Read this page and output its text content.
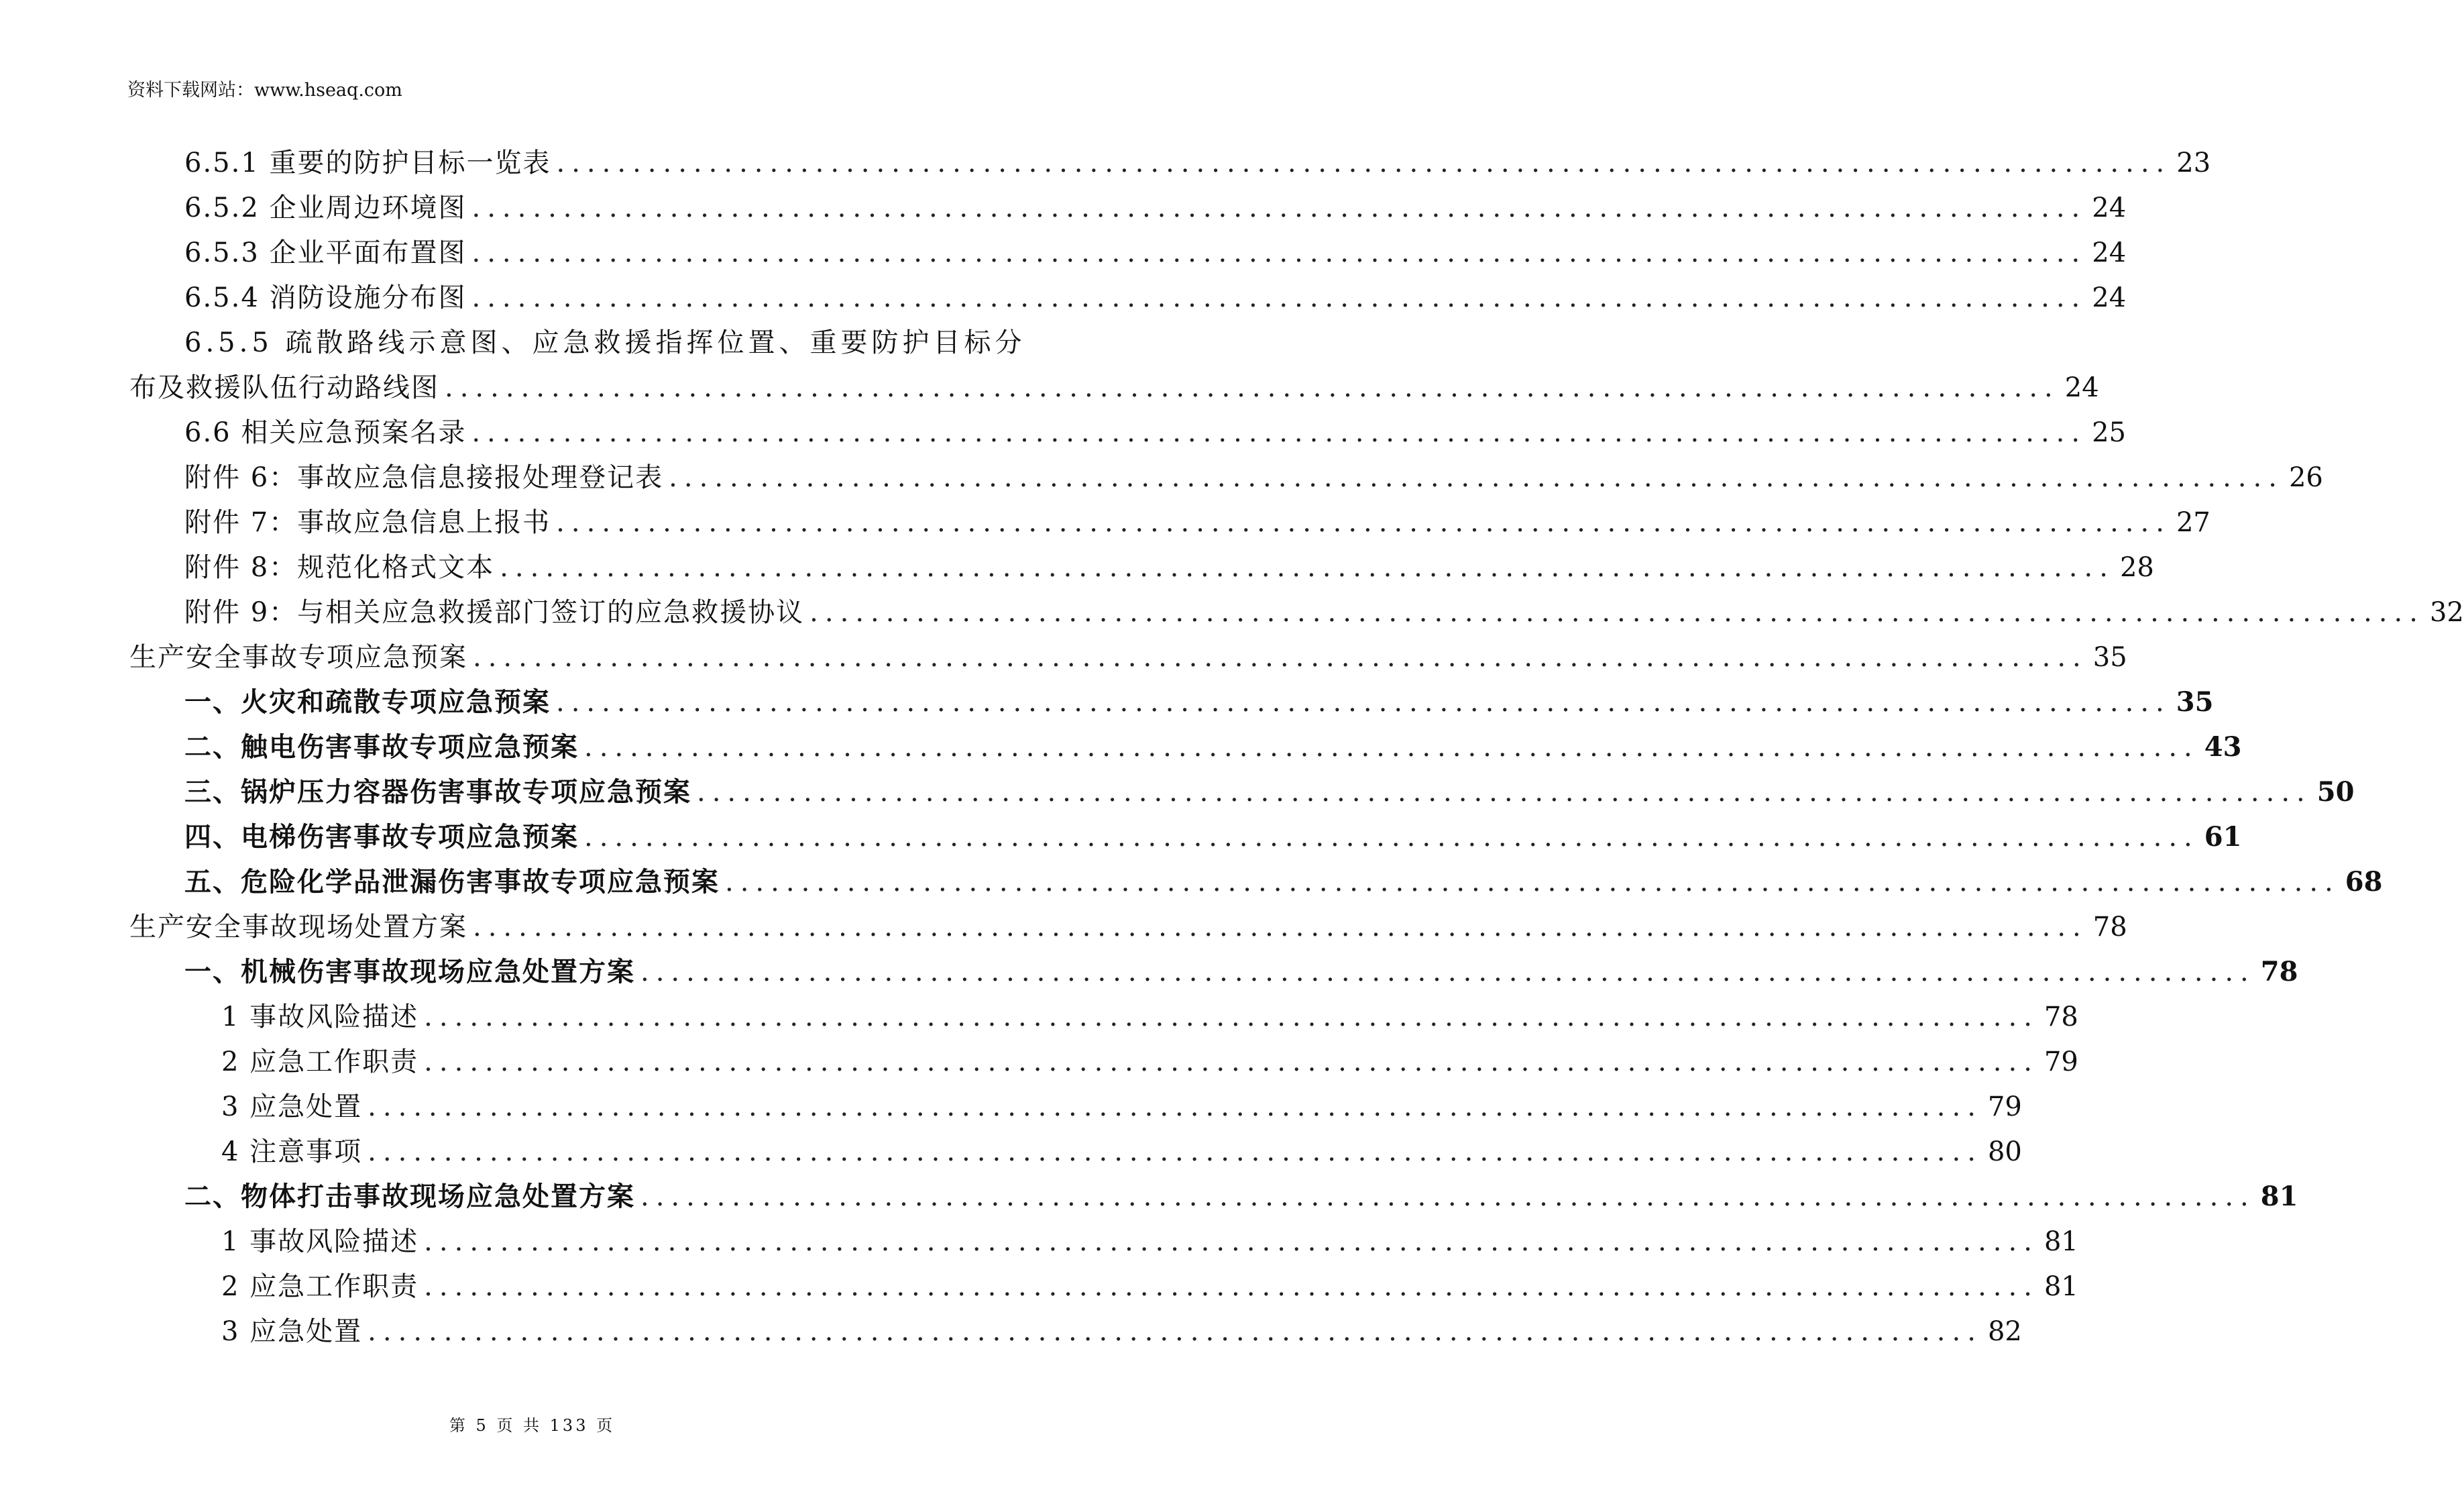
资料下载网站：www.hseaq.com
6.5.1 重要的防护目标一览表 .......................................................................................................... 23
6.5.2 企业周边环境图 .......................................................................................................... 24
6.5.3 企业平面布置图 .......................................................................................................... 24
6.5.4 消防设施分布图 .......................................................................................................... 24
6.5.5 疏散路线示意图、应急救援指挥位置、重要防护目标分
布及救援队伍行动路线图 .......................................................................................................... 24
6.6 相关应急预案名录 .......................................................................................................... 25
附件 6：事故应急信息接报处理登记表 .......................................................................................................... 26
附件 7：事故应急信息上报书 .......................................................................................................... 27
附件 8：规范化格式文本 .......................................................................................................... 28
附件 9：与相关应急救援部门签订的应急救援协议 .......................................................................................................... 32
生产安全事故专项应急预案 .......................................................................................................... 35
一、火灾和疏散专项应急预案 .......................................................................................................... 35
二、触电伤害事故专项应急预案 .......................................................................................................... 43
三、锅炉压力容器伤害事故专项应急预案 .......................................................................................................... 50
四、电梯伤害事故专项应急预案 .......................................................................................................... 61
五、危险化学品泄漏伤害事故专项应急预案 .......................................................................................................... 68
生产安全事故现场处置方案 .......................................................................................................... 78
一、机械伤害事故现场应急处置方案 .......................................................................................................... 78
1 事故风险描述 .......................................................................................................... 78
2 应急工作职责 .......................................................................................................... 79
3 应急处置 .......................................................................................................... 79
4 注意事项 .......................................................................................................... 80
二、物体打击事故现场应急处置方案 .......................................................................................................... 81
1 事故风险描述 .......................................................................................................... 81
2 应急工作职责 .......................................................................................................... 81
3 应急处置 .......................................................................................................... 82
第 5 页 共 133 页
